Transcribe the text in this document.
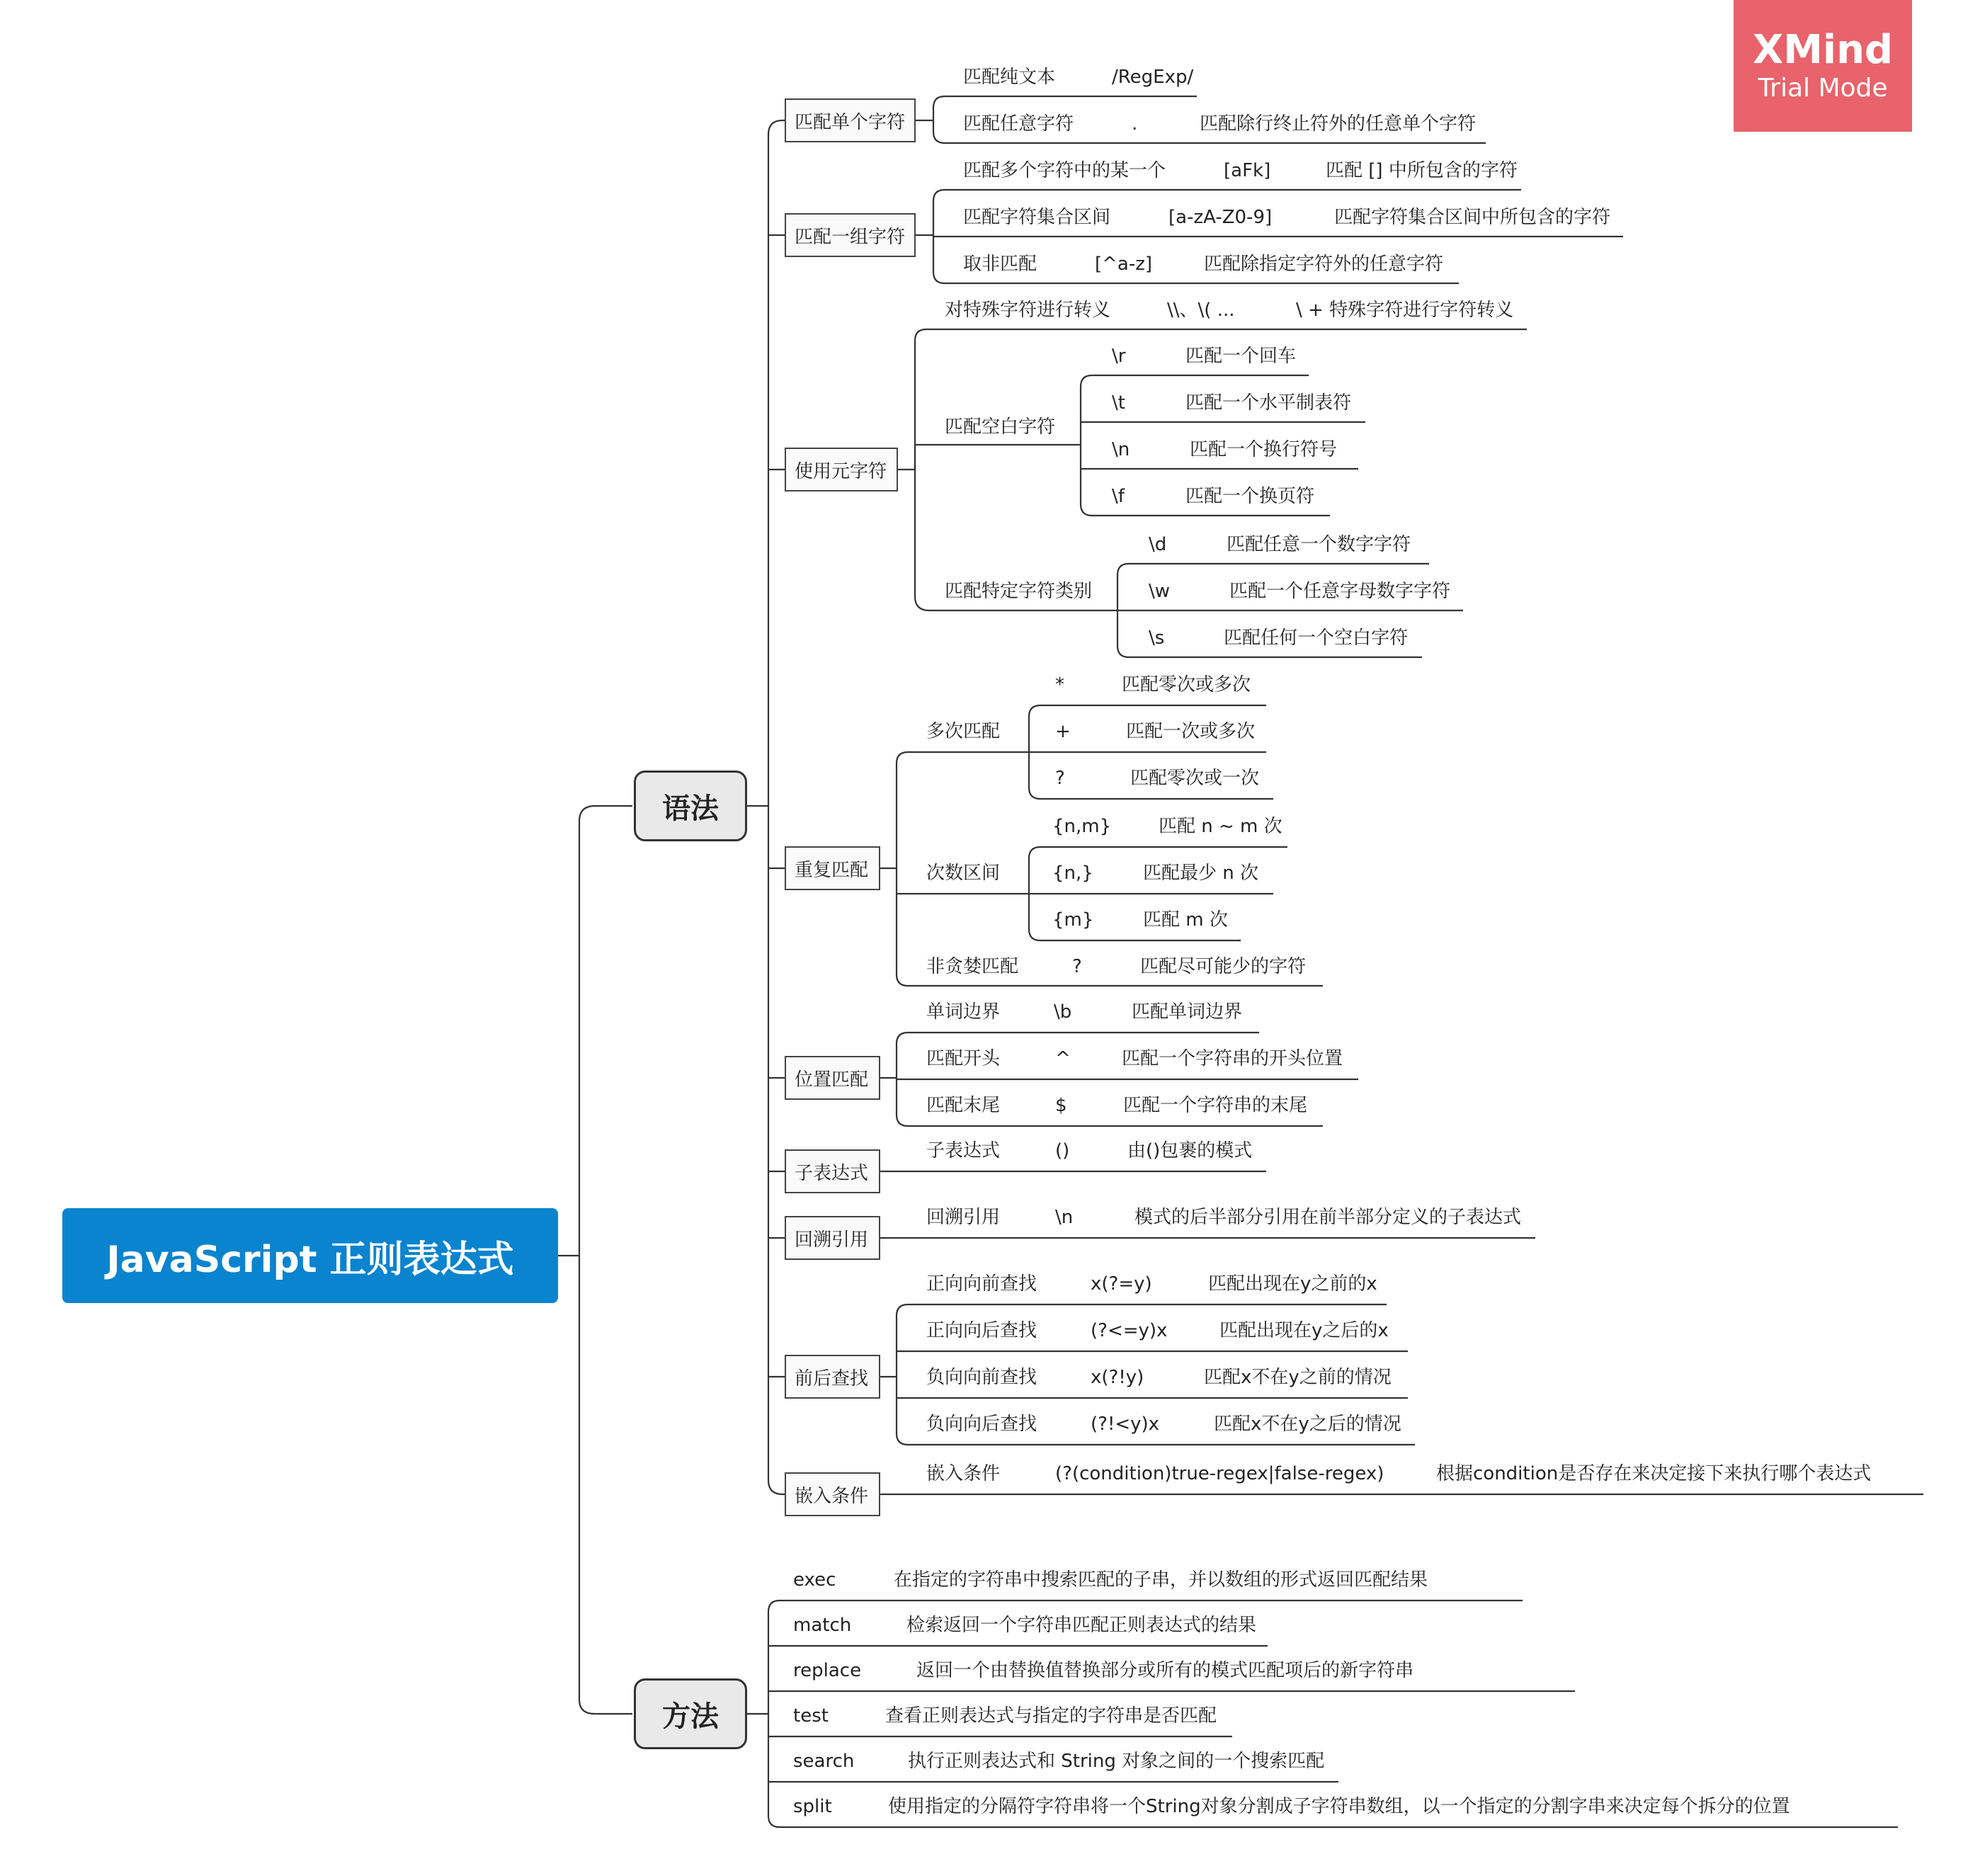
XMind
Trial Mode
JavaScript 正则表达式
语法
方法
匹配单个字符
匹配一组字符
使用元字符
重复匹配
位置匹配
子表达式
回溯引用
前后查找
嵌入条件
匹配纯文本	/RegExp/
匹配任意字符	.	匹配除行终止符外的任意单个字符
匹配多个字符中的某一个	[aFk]	匹配 [] 中所包含的字符
匹配字符集合区间	[a-zA-Z0-9]	匹配字符集合区间中所包含的字符
取非匹配	[^a-z]	匹配除指定字符外的任意字符
对特殊字符进行转义	\\、\( ...	\ + 特殊字符进行字符转义
匹配空白字符
\r	匹配一个回车
\t	匹配一个水平制表符
\n	匹配一个换行符号
\f	匹配一个换页符
匹配特定字符类别
\d	匹配任意一个数字字符
\w	匹配一个任意字母数字字符
\s	匹配任何一个空白字符
多次匹配
*	匹配零次或多次
+	匹配一次或多次
?	匹配零次或一次
次数区间
{n,m}	匹配 n ~ m 次
{n,}	匹配最少 n 次
{m}	匹配 m 次
非贪婪匹配	?	匹配尽可能少的字符
单词边界	\b	匹配单词边界
匹配开头	^	匹配一个字符串的开头位置
匹配末尾	$	匹配一个字符串的末尾
子表达式	()	由()包裹的模式
回溯引用	\n	模式的后半部分引用在前半部分定义的子表达式
正向向前查找	x(?=y)	匹配出现在y之前的x
正向向后查找	(?<=y)x	匹配出现在y之后的x
负向向前查找	x(?!y)	匹配x不在y之前的情况
负向向后查找	(?!<y)x	匹配x不在y之后的情况
嵌入条件	(?(condition)true-regex|false-regex)	根据condition是否存在来决定接下来执行哪个表达式
exec	在指定的字符串中搜索匹配的子串，并以数组的形式返回匹配结果
match	检索返回一个字符串匹配正则表达式的结果
replace	返回一个由替换值替换部分或所有的模式匹配项后的新字符串
test	查看正则表达式与指定的字符串是否匹配
search	执行正则表达式和 String 对象之间的一个搜索匹配
split	使用指定的分隔符字符串将一个String对象分割成子字符串数组，以一个指定的分割字串来决定每个拆分的位置
